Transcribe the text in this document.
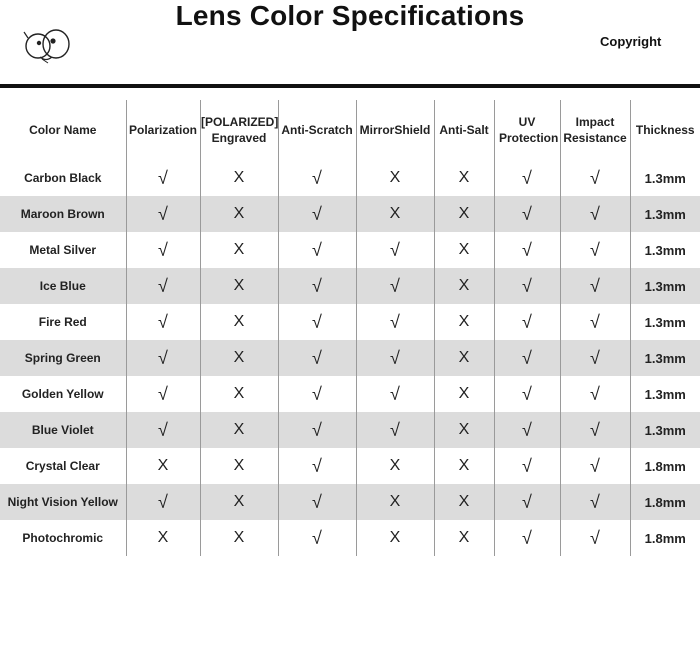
Lens Color Specifications
Copyright
Color Name	Polarization	[POLARIZED] Engraved	Anti-Scratch	MirrorShield	Anti-Salt	UV Protection	Impact Resistance	Thickness
Carbon Black	√	X	√	X	X	√	√	1.3mm
Maroon Brown	√	X	√	X	X	√	√	1.3mm
Metal Silver	√	X	√	√	X	√	√	1.3mm
Ice Blue	√	X	√	√	X	√	√	1.3mm
Fire Red	√	X	√	√	X	√	√	1.3mm
Spring Green	√	X	√	√	X	√	√	1.3mm
Golden Yellow	√	X	√	√	X	√	√	1.3mm
Blue Violet	√	X	√	√	X	√	√	1.3mm
Crystal Clear	X	X	√	X	X	√	√	1.8mm
Night Vision Yellow	√	X	√	X	X	√	√	1.8mm
Photochromic	X	X	√	X	X	√	√	1.8mm
